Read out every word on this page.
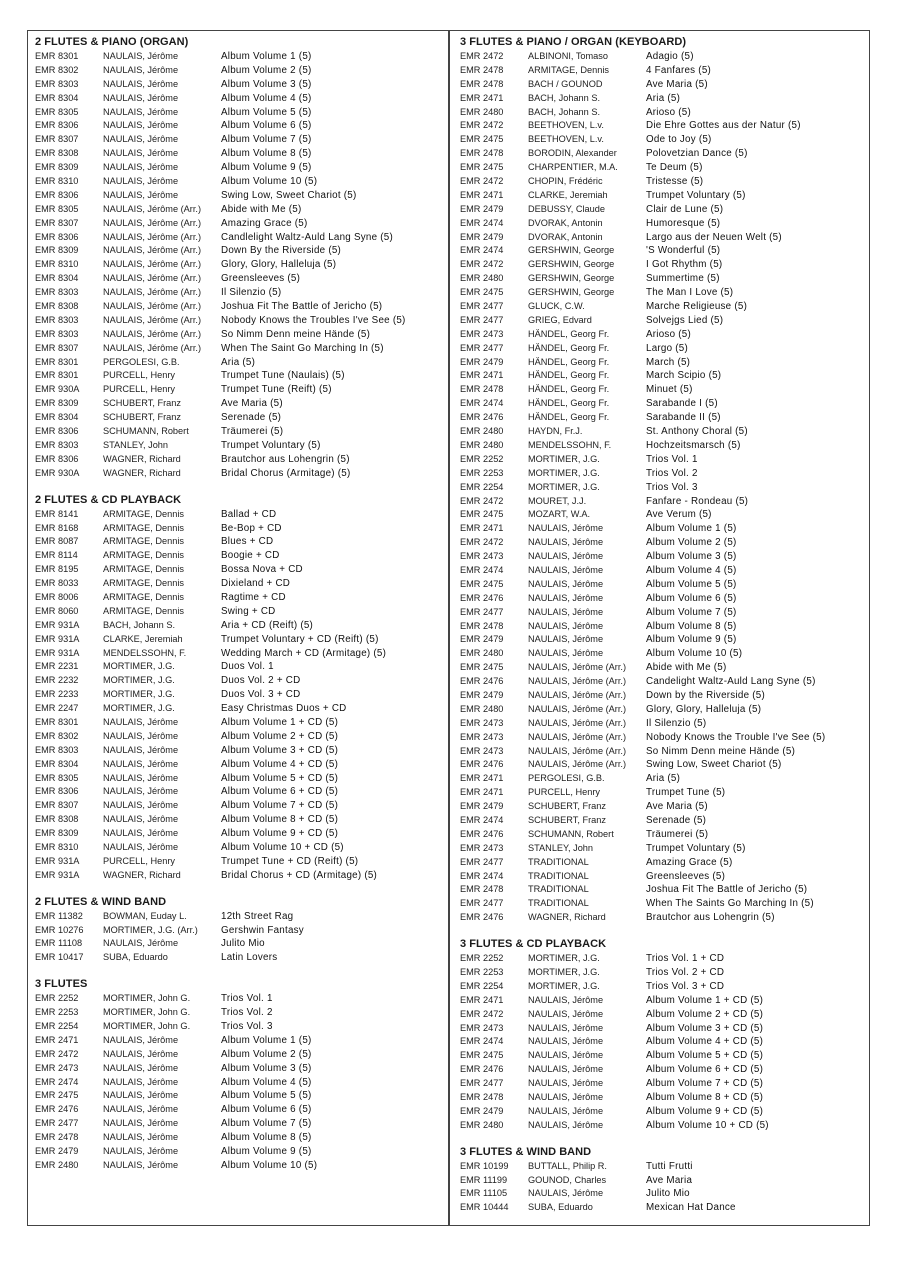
2 FLUTES & PIANO (ORGAN)
EMR 8301	NAULAIS, Jérôme	Album Volume 1 (5)
EMR 8302	NAULAIS, Jérôme	Album Volume 2 (5)
EMR 8303	NAULAIS, Jérôme	Album Volume 3 (5)
EMR 8304	NAULAIS, Jérôme	Album Volume 4 (5)
EMR 8305	NAULAIS, Jérôme	Album Volume 5 (5)
EMR 8306	NAULAIS, Jérôme	Album Volume 6 (5)
EMR 8307	NAULAIS, Jérôme	Album Volume 7 (5)
EMR 8308	NAULAIS, Jérôme	Album Volume 8 (5)
EMR 8309	NAULAIS, Jérôme	Album Volume 9 (5)
EMR 8310	NAULAIS, Jérôme	Album Volume 10 (5)
EMR 8306	NAULAIS, Jérôme	Swing Low, Sweet Chariot (5)
EMR 8305	NAULAIS, Jérôme (Arr.)	Abide with Me (5)
EMR 8307	NAULAIS, Jérôme (Arr.)	Amazing Grace (5)
EMR 8306	NAULAIS, Jérôme (Arr.)	Candlelight Waltz-Auld Lang Syne (5)
EMR 8309	NAULAIS, Jérôme (Arr.)	Down By the Riverside (5)
EMR 8310	NAULAIS, Jérôme (Arr.)	Glory, Glory, Halleluja (5)
EMR 8304	NAULAIS, Jérôme (Arr.)	Greensleeves (5)
EMR 8303	NAULAIS, Jérôme (Arr.)	Il Silenzio (5)
EMR 8308	NAULAIS, Jérôme (Arr.)	Joshua Fit The Battle of Jericho (5)
EMR 8303	NAULAIS, Jérôme (Arr.)	Nobody Knows the Troubles I've See (5)
EMR 8303	NAULAIS, Jérôme (Arr.)	So Nimm Denn meine Hände (5)
EMR 8307	NAULAIS, Jérôme (Arr.)	When The Saint Go Marching In (5)
EMR 8301	PERGOLESI, G.B.	Aria (5)
EMR 8301	PURCELL, Henry	Trumpet Tune (Naulais) (5)
EMR 930A	PURCELL, Henry	Trumpet Tune (Reift) (5)
EMR 8309	SCHUBERT, Franz	Ave Maria (5)
EMR 8304	SCHUBERT, Franz	Serenade (5)
EMR 8306	SCHUMANN, Robert	Träumerei (5)
EMR 8303	STANLEY, John	Trumpet Voluntary (5)
EMR 8306	WAGNER, Richard	Brautchor aus Lohengrin (5)
EMR 930A	WAGNER, Richard	Bridal Chorus (Armitage) (5)
2 FLUTES & CD PLAYBACK
EMR 8141	ARMITAGE, Dennis	Ballad + CD
EMR 8168	ARMITAGE, Dennis	Be-Bop + CD
EMR 8087	ARMITAGE, Dennis	Blues + CD
EMR 8114	ARMITAGE, Dennis	Boogie + CD
EMR 8195	ARMITAGE, Dennis	Bossa Nova + CD
EMR 8033	ARMITAGE, Dennis	Dixieland + CD
EMR 8006	ARMITAGE, Dennis	Ragtime + CD
EMR 8060	ARMITAGE, Dennis	Swing + CD
EMR 931A	BACH, Johann S.	Aria + CD (Reift) (5)
EMR 931A	CLARKE, Jeremiah	Trumpet Voluntary + CD (Reift) (5)
EMR 931A	MENDELSSOHN, F.	Wedding March + CD (Armitage) (5)
EMR 2231	MORTIMER, J.G.	Duos Vol. 1
EMR 2232	MORTIMER, J.G.	Duos Vol. 2 + CD
EMR 2233	MORTIMER, J.G.	Duos Vol. 3 + CD
EMR 2247	MORTIMER, J.G.	Easy Christmas Duos + CD
EMR 8301	NAULAIS, Jérôme	Album Volume 1 + CD (5)
EMR 8302	NAULAIS, Jérôme	Album Volume 2 + CD (5)
EMR 8303	NAULAIS, Jérôme	Album Volume 3 + CD (5)
EMR 8304	NAULAIS, Jérôme	Album Volume 4 + CD (5)
EMR 8305	NAULAIS, Jérôme	Album Volume 5 + CD (5)
EMR 8306	NAULAIS, Jérôme	Album Volume 6 + CD (5)
EMR 8307	NAULAIS, Jérôme	Album Volume 7 + CD (5)
EMR 8308	NAULAIS, Jérôme	Album Volume 8 + CD (5)
EMR 8309	NAULAIS, Jérôme	Album Volume 9 + CD (5)
EMR 8310	NAULAIS, Jérôme	Album Volume 10 + CD (5)
EMR 931A	PURCELL, Henry	Trumpet Tune + CD (Reift) (5)
EMR 931A	WAGNER, Richard	Bridal Chorus + CD (Armitage) (5)
2 FLUTES & WIND BAND
EMR 11382	BOWMAN, Euday L.	12th Street Rag
EMR 10276	MORTIMER, J.G. (Arr.)	Gershwin Fantasy
EMR 11108	NAULAIS, Jérôme	Julito Mio
EMR 10417	SUBA, Eduardo	Latin Lovers
3 FLUTES
EMR 2252	MORTIMER, John G.	Trios Vol. 1
EMR 2253	MORTIMER, John G.	Trios Vol. 2
EMR 2254	MORTIMER, John G.	Trios Vol. 3
EMR 2471	NAULAIS, Jérôme	Album Volume 1 (5)
EMR 2472	NAULAIS, Jérôme	Album Volume 2 (5)
EMR 2473	NAULAIS, Jérôme	Album Volume 3 (5)
EMR 2474	NAULAIS, Jérôme	Album Volume 4 (5)
EMR 2475	NAULAIS, Jérôme	Album Volume 5 (5)
EMR 2476	NAULAIS, Jérôme	Album Volume 6 (5)
EMR 2477	NAULAIS, Jérôme	Album Volume 7 (5)
EMR 2478	NAULAIS, Jérôme	Album Volume 8 (5)
EMR 2479	NAULAIS, Jérôme	Album Volume 9 (5)
EMR 2480	NAULAIS, Jérôme	Album Volume 10 (5)
3 FLUTES & PIANO / ORGAN (KEYBOARD)
EMR 2472	ALBINONI, Tomaso	Adagio (5)
EMR 2478	ARMITAGE, Dennis	4 Fanfares (5)
EMR 2478	BACH / GOUNOD	Ave Maria (5)
EMR 2471	BACH, Johann S.	Aria (5)
EMR 2480	BACH, Johann S.	Arioso (5)
EMR 2472	BEETHOVEN, L.v.	Die Ehre Gottes aus der Natur (5)
EMR 2475	BEETHOVEN, L.v.	Ode to Joy (5)
EMR 2478	BORODIN, Alexander	Polovetzian Dance (5)
EMR 2475	CHARPENTIER, M.A.	Te Deum (5)
EMR 2472	CHOPIN, Frédéric	Tristesse (5)
EMR 2471	CLARKE, Jeremiah	Trumpet Voluntary (5)
EMR 2479	DEBUSSY, Claude	Clair de Lune (5)
EMR 2474	DVORAK, Antonin	Humoresque (5)
EMR 2479	DVORAK, Antonin	Largo aus der Neuen Welt (5)
EMR 2474	GERSHWIN, George	'S Wonderful (5)
EMR 2472	GERSHWIN, George	I Got Rhythm (5)
EMR 2480	GERSHWIN, George	Summertime (5)
EMR 2475	GERSHWIN, George	The Man I Love (5)
EMR 2477	GLUCK, C.W.	Marche Religieuse (5)
EMR 2477	GRIEG, Edvard	Solvejgs Lied (5)
EMR 2473	HÄNDEL, Georg Fr.	Arioso (5)
EMR 2477	HÄNDEL, Georg Fr.	Largo (5)
EMR 2479	HÄNDEL, Georg Fr.	March (5)
EMR 2471	HÄNDEL, Georg Fr.	March Scipio (5)
EMR 2478	HÄNDEL, Georg Fr.	Minuet (5)
EMR 2474	HÄNDEL, Georg Fr.	Sarabande I (5)
EMR 2476	HÄNDEL, Georg Fr.	Sarabande II (5)
EMR 2480	HAYDN, Fr.J.	St. Anthony Choral (5)
EMR 2480	MENDELSSOHN, F.	Hochzeitsmarsch (5)
EMR 2252	MORTIMER, J.G.	Trios Vol. 1
EMR 2253	MORTIMER, J.G.	Trios Vol. 2
EMR 2254	MORTIMER, J.G.	Trios Vol. 3
EMR 2472	MOURET, J.J.	Fanfare - Rondeau (5)
EMR 2475	MOZART, W.A.	Ave Verum (5)
EMR 2471	NAULAIS, Jérôme	Album Volume 1 (5)
EMR 2472	NAULAIS, Jérôme	Album Volume 2 (5)
EMR 2473	NAULAIS, Jérôme	Album Volume 3 (5)
EMR 2474	NAULAIS, Jérôme	Album Volume 4 (5)
EMR 2475	NAULAIS, Jérôme	Album Volume 5 (5)
EMR 2476	NAULAIS, Jérôme	Album Volume 6 (5)
EMR 2477	NAULAIS, Jérôme	Album Volume 7 (5)
EMR 2478	NAULAIS, Jérôme	Album Volume 8 (5)
EMR 2479	NAULAIS, Jérôme	Album Volume 9 (5)
EMR 2480	NAULAIS, Jérôme	Album Volume 10 (5)
EMR 2475	NAULAIS, Jérôme (Arr.)	Abide with Me (5)
EMR 2476	NAULAIS, Jérôme (Arr.)	Candelight Waltz-Auld Lang Syne (5)
EMR 2479	NAULAIS, Jérôme (Arr.)	Down by the Riverside (5)
EMR 2480	NAULAIS, Jérôme (Arr.)	Glory, Glory, Halleluja (5)
EMR 2473	NAULAIS, Jérôme (Arr.)	Il Silenzio (5)
EMR 2473	NAULAIS, Jérôme (Arr.)	Nobody Knows the Trouble I've See (5)
EMR 2473	NAULAIS, Jérôme (Arr.)	So Nimm Denn meine Hände (5)
EMR 2476	NAULAIS, Jérôme (Arr.)	Swing Low, Sweet Chariot (5)
EMR 2471	PERGOLESI, G.B.	Aria (5)
EMR 2471	PURCELL, Henry	Trumpet Tune (5)
EMR 2479	SCHUBERT, Franz	Ave Maria (5)
EMR 2474	SCHUBERT, Franz	Serenade (5)
EMR 2476	SCHUMANN, Robert	Träumerei (5)
EMR 2473	STANLEY, John	Trumpet Voluntary (5)
EMR 2477	TRADITIONAL	Amazing Grace (5)
EMR 2474	TRADITIONAL	Greensleeves (5)
EMR 2478	TRADITIONAL	Joshua Fit The Battle of Jericho (5)
EMR 2477	TRADITIONAL	When The Saints Go Marching In (5)
EMR 2476	WAGNER, Richard	Brautchor aus Lohengrin (5)
3 FLUTES & CD PLAYBACK
EMR 2252	MORTIMER, J.G.	Trios Vol. 1 + CD
EMR 2253	MORTIMER, J.G.	Trios Vol. 2 + CD
EMR 2254	MORTIMER, J.G.	Trios Vol. 3 + CD
EMR 2471	NAULAIS, Jérôme	Album Volume 1 + CD (5)
EMR 2472	NAULAIS, Jérôme	Album Volume 2 + CD (5)
EMR 2473	NAULAIS, Jérôme	Album Volume 3 + CD (5)
EMR 2474	NAULAIS, Jérôme	Album Volume 4 + CD (5)
EMR 2475	NAULAIS, Jérôme	Album Volume 5 + CD (5)
EMR 2476	NAULAIS, Jérôme	Album Volume 6 + CD (5)
EMR 2477	NAULAIS, Jérôme	Album Volume 7 + CD (5)
EMR 2478	NAULAIS, Jérôme	Album Volume 8 + CD (5)
EMR 2479	NAULAIS, Jérôme	Album Volume 9 + CD (5)
EMR 2480	NAULAIS, Jérôme	Album Volume 10 + CD (5)
3 FLUTES & WIND BAND
EMR 10199	BUTTALL, Philip R.	Tutti Frutti
EMR 11199	GOUNOD, Charles	Ave Maria
EMR 11105	NAULAIS, Jérôme	Julito Mio
EMR 10444	SUBA, Eduardo	Mexican Hat Dance
